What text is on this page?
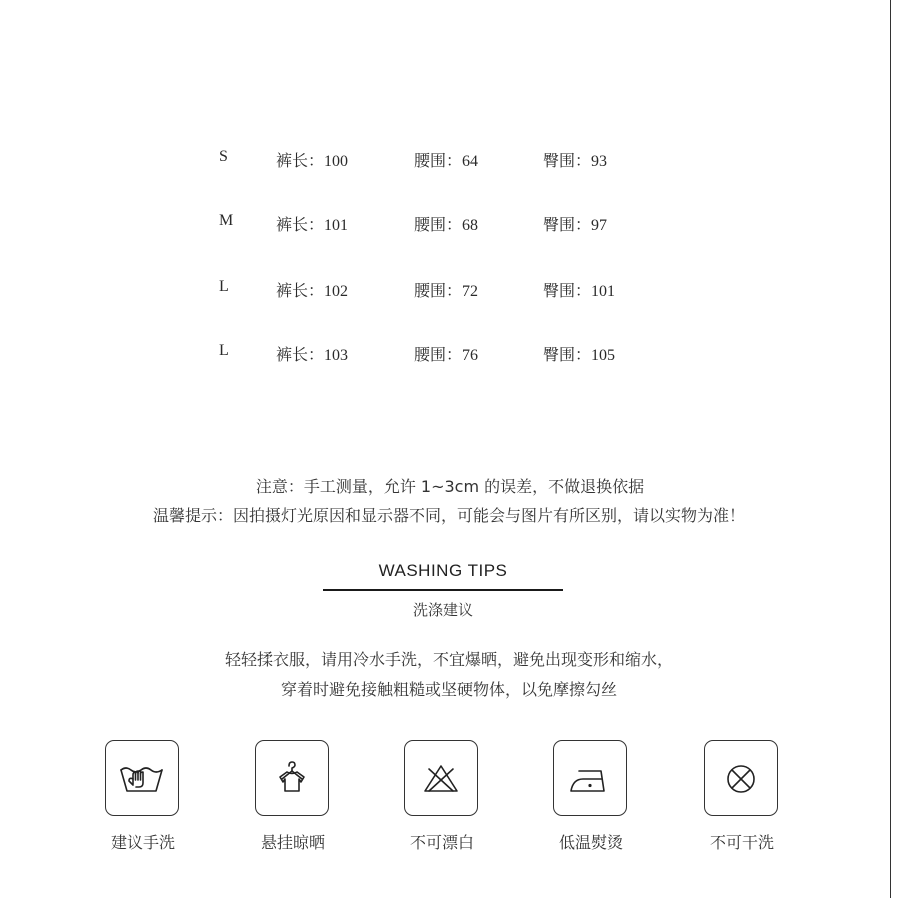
S	裤长：100	腰围：64	臀围：93
M	裤长：101	腰围：68	臀围：97
L	裤长：102	腰围：72	臀围：101
L	裤长：103	腰围：76	臀围：105
注意：手工测量，允许 1~3cm 的误差，不做退换依据
温馨提示：因拍摄灯光原因和显示器不同，可能会与图片有所区别，请以实物为准！
WASHING TIPS
洗涤建议
轻轻揉衣服，请用冷水手洗，不宜爆晒，避免出现变形和缩水，
穿着时避免接触粗糙或坚硬物体，以免摩擦勾丝
建议手洗	悬挂晾晒	不可漂白	低温熨烫	不可干洗
